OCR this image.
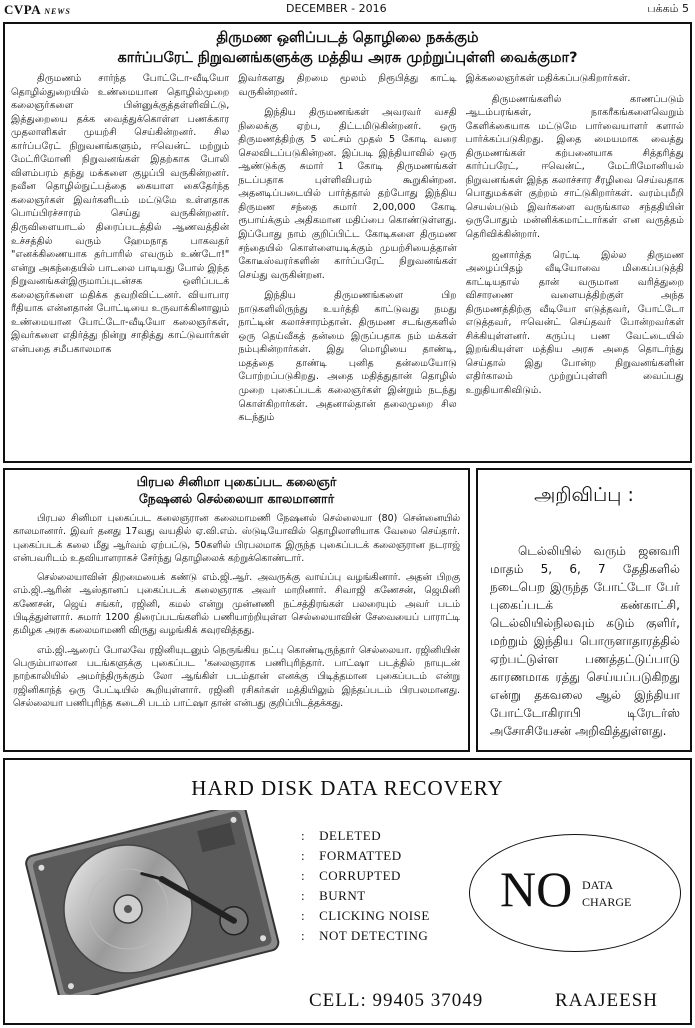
CVPA NEWS	DECEMBER - 2016	பக்கம் 5
திருமண ஒளிப்படத் தொழிலை நசுக்கும்
கார்ப்பரேட் நிறுவனங்களுக்கு மத்திய அரசு முற்றுப்புள்ளி வைக்குமா?

திருமணம் சார்ந்த போட்டோ-வீடியோ தொழில்துறையில் உண்மையான தொழில்முறை கலைஞர்களை பின்னுக்குத்தள்ளிவிட்டு, இத்துறையை தக்க வைத்துக்கொள்ள பணக்கார முதலாளிகள் முயற்சி செய்கின்றனர். சில கார்ப்பரேட் நிறுவனங்களும், ஈவென்ட் மற்றும் மேட்ரிமோனி நிறுவனங்கள் இதற்காக போலி விளம்பரம் தந்து மக்களை குழப்பி வருகின்றனர். நவீன தொழில்நுட்பத்தை கையாள கைதேர்ந்த கலைஞர்கள் இவர்களிடம் மட்டுமே உள்ளதாக பொய்பிரச்சாரம் செய்து வருகின்றனர். திருவிளையாடல் திரைப்படத்தில் ஆணவத்தின் உச்சத்தில் வரும் ஹேமநாத பாகவதர் "எனக்கிணையாக தர்பாரில் எவரும் உண்டோ!" என்று அகந்தையில் பாடலை பாடியது போல் இந்த நிறுவனங்கள்இருமாப்புடன்சக ஒளிப்படக் கலைஞர்களை மதிக்க தவறிவிட்டனர். வியாபார ரீதியாக என்னதான் போட்டியை உருவாக்கினாலும் உண்மையான போட்டோ-வீடியோ கலைஞர்கள், இவர்களை எதிர்த்து நின்று சாதித்து காட்டுவார்கள் என்பதை சமீபகாலமாக

இவர்களது திறமை மூலம் நிரூபித்து காட்டி வருகின்றனர்.

இந்திய திருமணங்கள் அவரவர் வசதி நிலைக்கு ஏற்ப, திட்டமிடுகின்றனர். ஒரு திருமணத்திற்கு 5 லட்சம் முதல் 5 கோடி வரை செலவிடப்படுகின்றன. இப்படி இந்தியாவில் ஒரு ஆண்டுக்கு சுமார் 1 கோடி திருமணங்கள் நடப்பதாக புள்ளிவிபரம் கூறுகின்றன. அதனடிப்படையில் பார்த்தால் தற்போது இந்திய திருமண சந்தை சுமார் 2,00,000 கோடி ரூபாய்க்கும் அதிகமான மதிப்பை கொண்டுள்ளது. இப்போது நாம் குறிப்பிட்ட கோடிகளை திருமண சந்தையில் கொள்ளையடிக்கும் முயற்சியைத்தான் கோடீஸ்வரர்களின் கார்ப்பரேட் நிறுவனங்கள் செய்து வருகின்றன.

இந்திய திருமணங்களை பிற நாடுகளிலிருந்து உயர்த்தி காட்டுவது நமது நாட்டின் கலாச்சாரம்தான். திருமண சடங்குகளில் ஒரு தெய்வீகத் தன்மை இருப்பதாக நம் மக்கள் நம்புகின்றார்கள். இது மொழியை தாண்டி, மதத்தை தாண்டி புனித தன்மையோடு போற்றப்படுகிறது. அதை மதித்துதான் தொழில் முறை புகைப்படக் கலைஞர்கள் இன்றும் நடந்து கொள்கிறார்கள். அதனால்தான் தலைமுறை சில கடந்தும்

இக்கலைஞர்கள் மதிக்கப்படுகிறார்கள்.

திருமணங்களில் காணப்படும் ஆடம்பரங்கள், நாகரீகங்களைவெறும் கேளிக்கையாக மட்டுமே பார்வையாளர் களால் பார்க்கப்படுகிறது. இதை மையமாக வைத்து திருமணங்கள் கற்பனையாக சித்தரித்து கார்ப்பரேட், ஈவென்ட், மேட்ரிமோனியல் நிறுவனங்கள் இந்த கலாச்சார சீரழிவை செய்வதாக பொதுமக்கள் குற்றம் சாட்டுகிறார்கள். வரம்புமீறி செயல்படும் இவர்களை வருங்கால சந்ததியின் ஒருபோதும் மன்னிக்கமாட்டார்கள் என வருத்தம் தெரிவிக்கின்றார்.

ஜனார்த்த ரெட்டி இல்ல திருமண அழைப்பிதழ் வீடியோவை மிகைப்படுத்தி காட்டியதால் தான் வருமான வரித்துறை விசாரணை வளையத்திற்குள் அந்த திருமணத்திற்கு வீடியோ எடுத்தவர், போட்டோ எடுத்தவர், ஈவென்ட் செய்தவர் போன்றவர்கள் சிக்கியுள்ளனர். கருப்பு பண வேட்டையில் இறங்கியுள்ள மத்திய அரசு அதை தொடர்ந்து செய்தால் இது போன்ற நிறுவனங்களின் எதிர்காலம் முற்றுப்புள்ளி வைப்பது உறுதியாகிவிடும்.

பிரபல சினிமா புகைப்பட கலைஞர்
நேஷனல் செல்லையா காலமானார்

பிரபல சினிமா புகைப்பட கலைஞரான கலைமாமணி நேஷனல் செல்லையா (80) சென்னையில் காலமானார். இவர் தனது 17வது வயதில் ஏ.வி.எம். ஸ்டுடியோவில் தொழிலாளியாக வேலை செய்தார். புகைப்படக் கலை மீது ஆர்வம் ஏற்பட்டு, 50களில் பிரபலமாக இருந்த புகைப்படக் கலைஞரான நடராஜ் என்பவரிடம் உதவியாளராகச் சேர்ந்து தொழிலைக் கற்றுக்கொண்டார்.

செல்லையாவின் திறமையைக் கண்டு எம்.ஜி.ஆர். அவருக்கு வாய்ப்பு வழங்கினார். அதன் பிறகு எம்.ஜி.ஆரின் ஆஸ்தானப் புகைப்படக் கலைஞராக அவர் மாறினார். சிவாஜி கணேசன், ஜெமினி கணேசன், ஜெய் சங்கர், ரஜினி, கமல் என்று முன்னணி நட்சத்திரங்கள் பலரையும் அவர் படம் பிடித்துள்ளார். சுமார் 1200 திரைப்படங்களில் பணியாற்றியுள்ள செல்லையாவின் சேவையைப் பாராட்டி தமிழக அரசு கலைமாமணி விருது வழங்கிக் கவுரவித்தது.

எம்.ஜி.ஆரைப் போலவே ரஜினியுடனும் நெருங்கிய நட்பு கொண்டிருந்தார் செல்லையா. ரஜினியின் பெரும்பாலான படங்களுக்கு புகைப்பட 'கலைஞராக பணிபுரிந்தார். பாட்ஷா படத்தில் நாயுடன் நாற்காலியில் அமர்ந்திருக்கும் லோ ஆங்கிள் படம்தான் எனக்கு பிடித்தமான புகைப்படம் என்று ரஜினிகாந்த் ஒரு பேட்டியில் கூறியுள்ளார். ரஜினி ரசிகர்கள் மத்தியிலும் இந்தப்படம் பிரபலமானது. செல்லையா பணிபுரிந்த கடைசி படம் பாட்ஷா தான் என்பது குறிப்பிடத்தக்கது.

அறிவிப்பு :
டெல்லியில் வரும் ஜனவரி மாதம் 5, 6, 7 தேதிகளில் நடைபெற இருந்த போட்டோ பேர் புகைப்படக் கண்காட்சி, டெல்லியில்நிலவும் கடும் குளிர், மற்றும் இந்திய பொருளாதாரத்தில் ஏற்பட்டுள்ள பணத்தட்டுப்பாடு காரணமாக ரத்து செய்யப்படுகிறது என்று தகவலை ஆல் இந்தியா போட்டோகிராபி டிரேடர்ஸ் அசோசியேசன் அறிவித்துள்ளது.
HARD DISK DATA RECOVERY
: DELETED
: FORMATTED
: CORRUPTED
: BURNT
: CLICKING NOISE
: NOT DETECTING
NO DATA
CHARGE
CELL: 99405 37049	RAAJEESH
